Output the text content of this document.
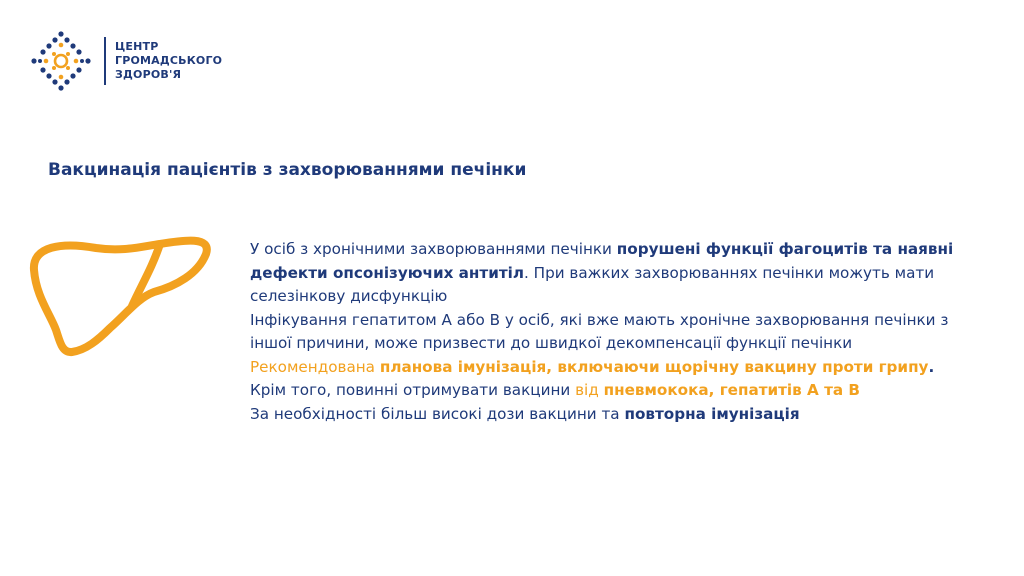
ЦЕНТР
ГРОМАДСЬКОГО
ЗДОРОВ'Я
Вакцинація пацієнтів з захворюваннями печінки

У осіб з хронічними захворюваннями печінки порушені функції фагоцитів та наявні дефекти опсонізуючих антитіл. При важких захворюваннях печінки можуть мати селезінкову дисфункцію

Інфікування гепатитом А або В у осіб, які вже мають хронічне захворювання печінки з іншої причини, може призвести до швидкої декомпенсації функції печінки

Рекомендована планова імунізація, включаючи щорічну вакцину проти грипу. Крім того, повинні отримувати вакцини від пневмокока, гепатитів А та В

За необхідності більш високі дози вакцини та повторна імунізація
